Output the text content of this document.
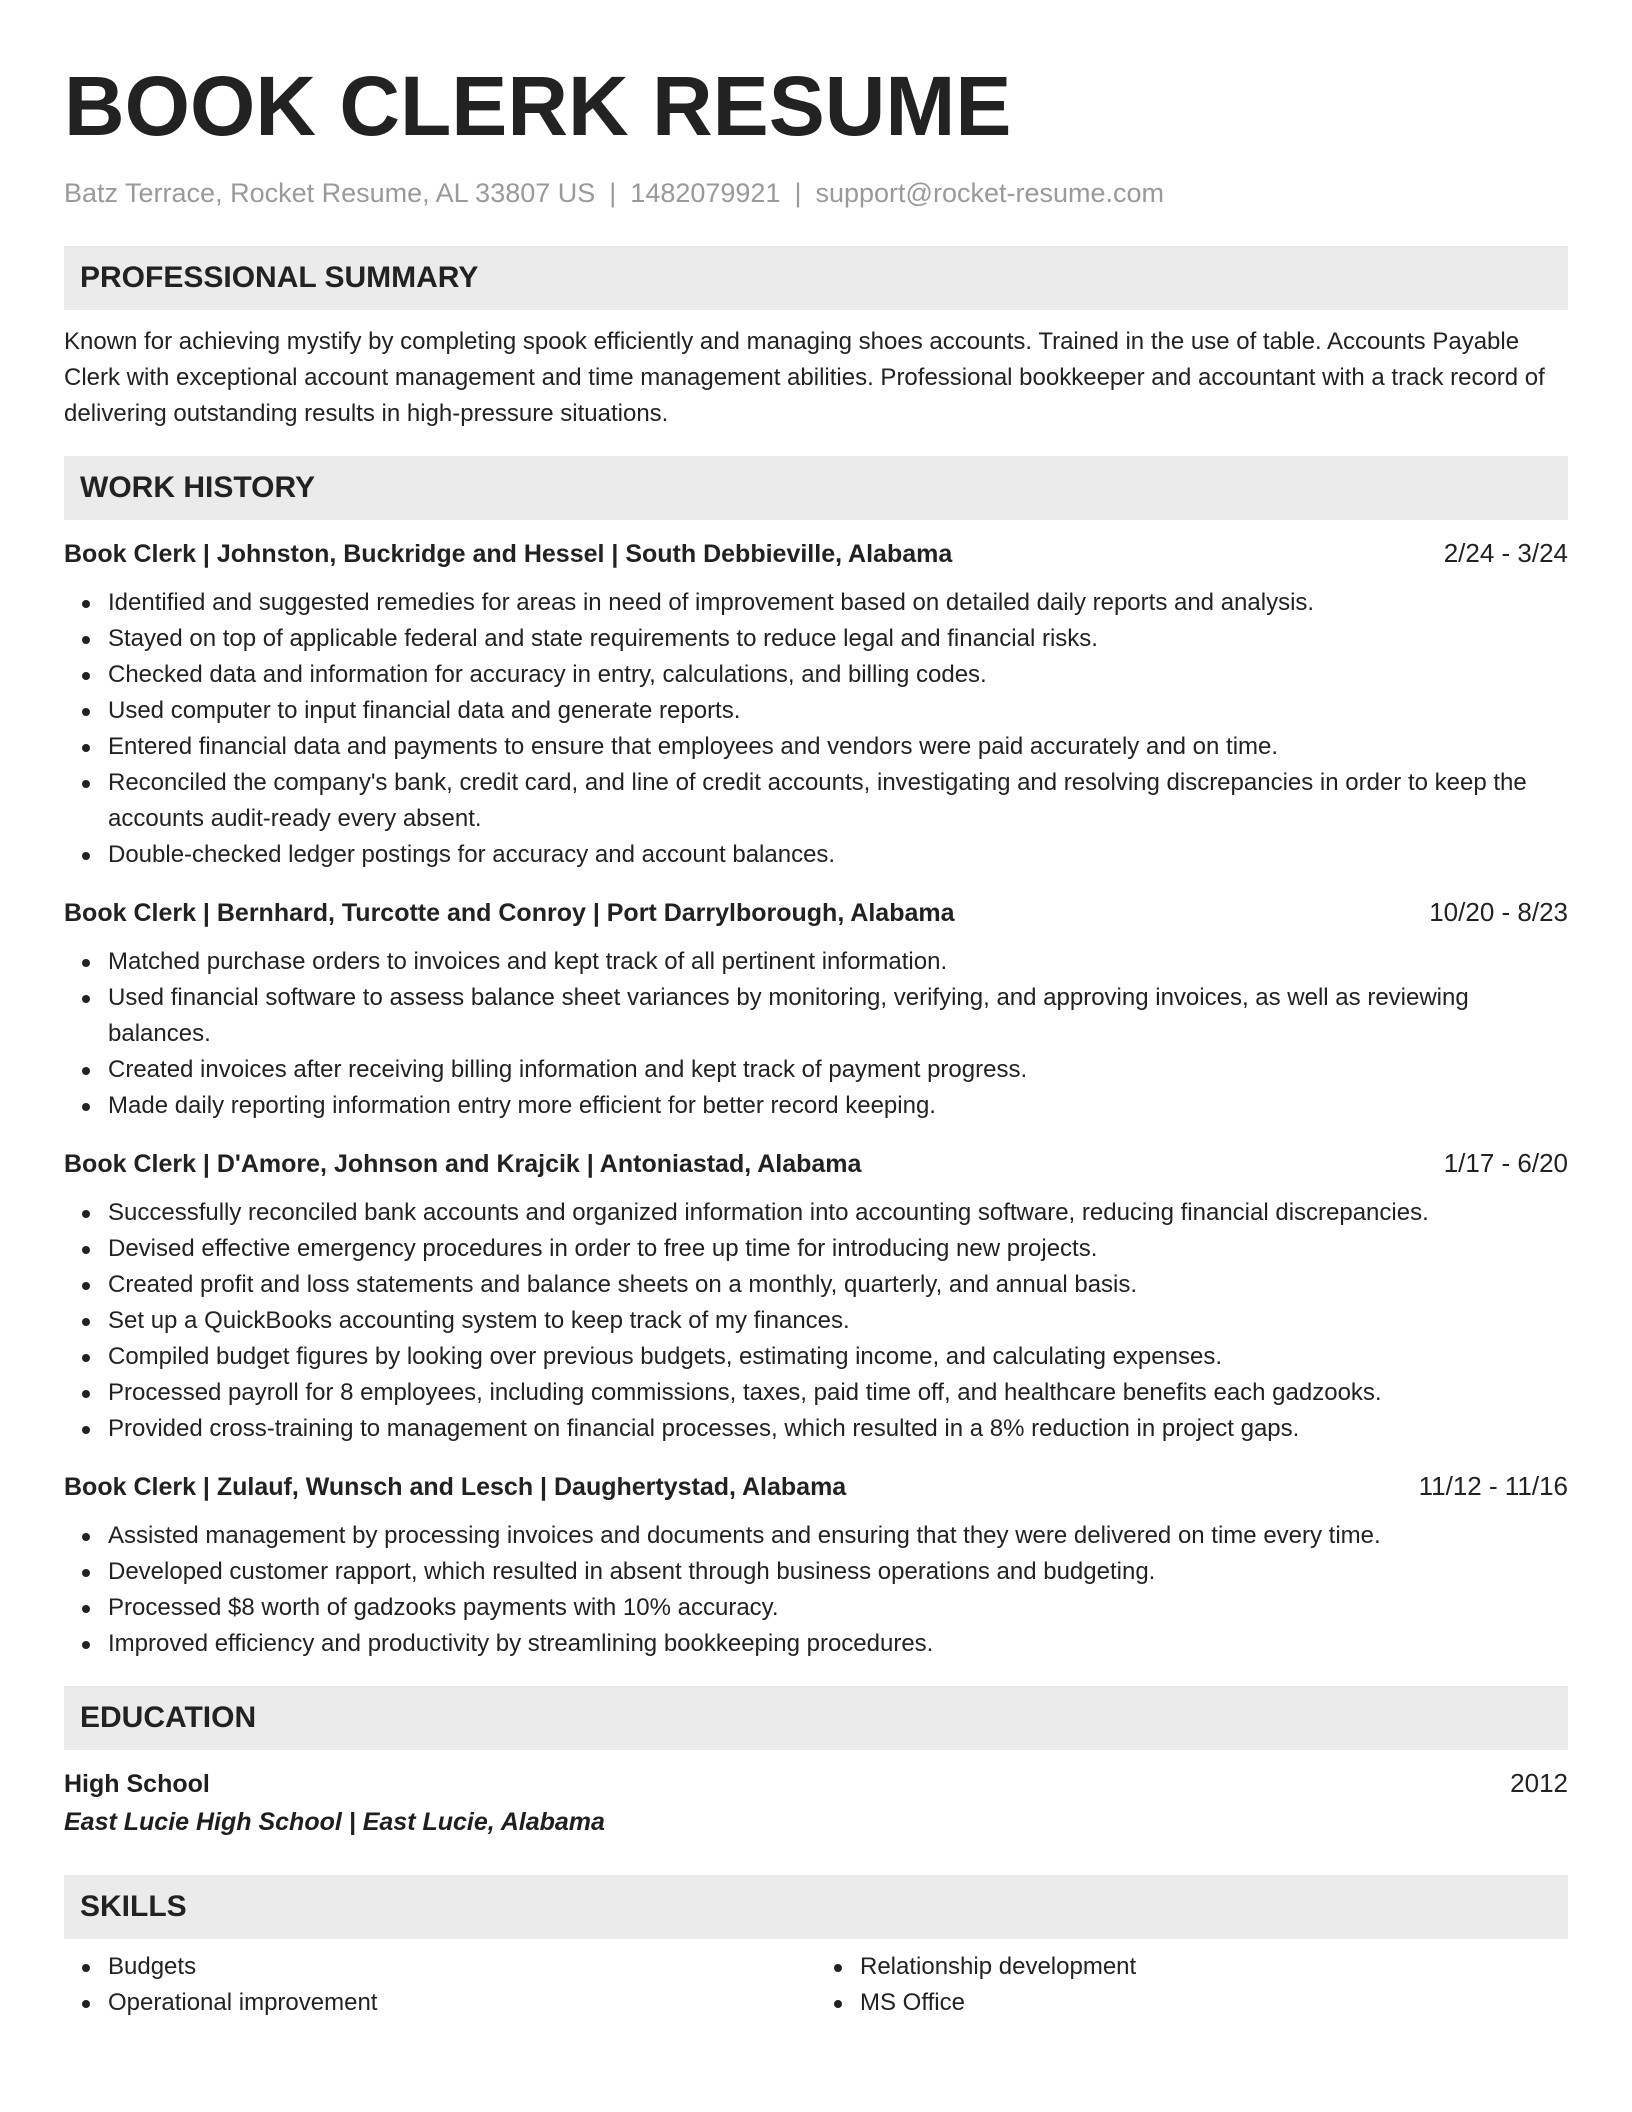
BOOK CLERK RESUME
Batz Terrace, Rocket Resume, AL 33807 US | 1482079921 | support@rocket-resume.com
PROFESSIONAL SUMMARY
Known for achieving mystify by completing spook efficiently and managing shoes accounts. Trained in the use of table. Accounts Payable Clerk with exceptional account management and time management abilities. Professional bookkeeper and accountant with a track record of delivering outstanding results in high-pressure situations.
WORK HISTORY
Book Clerk | Johnston, Buckridge and Hessel | South Debbieville, Alabama	2/24 - 3/24
Identified and suggested remedies for areas in need of improvement based on detailed daily reports and analysis.
Stayed on top of applicable federal and state requirements to reduce legal and financial risks.
Checked data and information for accuracy in entry, calculations, and billing codes.
Used computer to input financial data and generate reports.
Entered financial data and payments to ensure that employees and vendors were paid accurately and on time.
Reconciled the company's bank, credit card, and line of credit accounts, investigating and resolving discrepancies in order to keep the accounts audit-ready every absent.
Double-checked ledger postings for accuracy and account balances.
Book Clerk | Bernhard, Turcotte and Conroy | Port Darrylborough, Alabama	10/20 - 8/23
Matched purchase orders to invoices and kept track of all pertinent information.
Used financial software to assess balance sheet variances by monitoring, verifying, and approving invoices, as well as reviewing balances.
Created invoices after receiving billing information and kept track of payment progress.
Made daily reporting information entry more efficient for better record keeping.
Book Clerk | D'Amore, Johnson and Krajcik | Antoniastad, Alabama	1/17 - 6/20
Successfully reconciled bank accounts and organized information into accounting software, reducing financial discrepancies.
Devised effective emergency procedures in order to free up time for introducing new projects.
Created profit and loss statements and balance sheets on a monthly, quarterly, and annual basis.
Set up a QuickBooks accounting system to keep track of my finances.
Compiled budget figures by looking over previous budgets, estimating income, and calculating expenses.
Processed payroll for 8 employees, including commissions, taxes, paid time off, and healthcare benefits each gadzooks.
Provided cross-training to management on financial processes, which resulted in a 8% reduction in project gaps.
Book Clerk | Zulauf, Wunsch and Lesch | Daughertystad, Alabama	11/12 - 11/16
Assisted management by processing invoices and documents and ensuring that they were delivered on time every time.
Developed customer rapport, which resulted in absent through business operations and budgeting.
Processed $8 worth of gadzooks payments with 10% accuracy.
Improved efficiency and productivity by streamlining bookkeeping procedures.
EDUCATION
High School	2012
East Lucie High School | East Lucie, Alabama
SKILLS
Budgets
Operational improvement
Relationship development
MS Office
